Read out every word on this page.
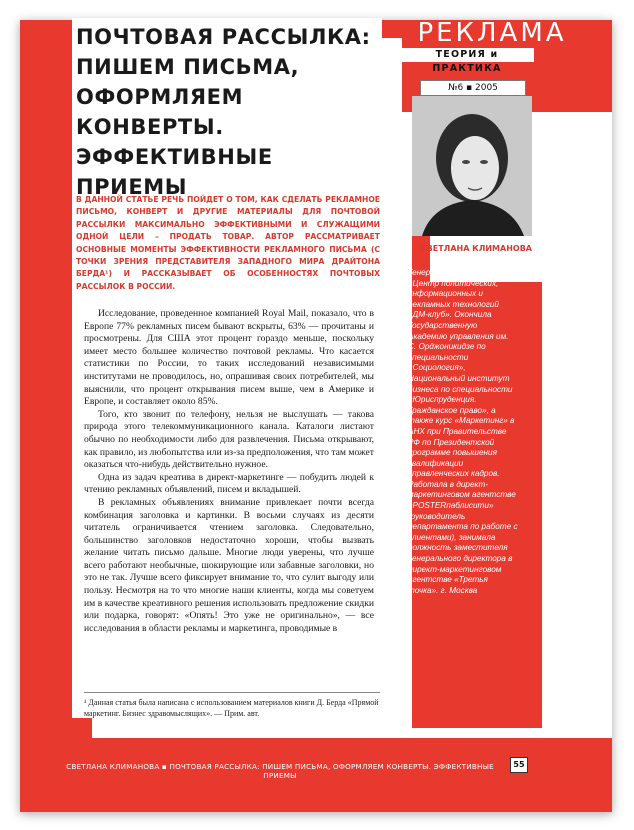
ПОЧТОВАЯ РАССЫЛКА: ПИШЕМ ПИСЬМА, ОФОРМЛЯЕМ КОНВЕРТЫ. ЭФФЕКТИВНЫЕ ПРИЕМЫ

В ДАННОЙ СТАТЬЕ РЕЧЬ ПОЙДЕТ О ТОМ, КАК СДЕЛАТЬ РЕКЛАМНОЕ ПИСЬМО, КОНВЕРТ И ДРУГИЕ МАТЕРИАЛЫ ДЛЯ ПОЧТОВОЙ РАССЫЛКИ МАКСИМАЛЬНО ЭФФЕКТИВНЫМИ И СЛУЖАЩИМИ ОДНОЙ ЦЕЛИ – ПРОДАТЬ ТОВАР. АВТОР РАССМАТРИВАЕТ ОСНОВНЫЕ МОМЕНТЫ ЭФФЕКТИВНОСТИ РЕКЛАМНОГО ПИСЬМА (С ТОЧКИ ЗРЕНИЯ ПРЕДСТАВИТЕЛЯ ЗАПАДНОГО МИРА ДРАЙТОНА БЕРДА¹) И РАССКАЗЫВАЕТ ОБ ОСОБЕННОСТЯХ ПОЧТОВЫХ РАССЫЛОК В РОССИИ.

Исследование, проведенное компанией Royal Mail, показало, что в Европе 77% рекламных писем бывают вскрыты, 63% — прочитаны и просмотрены. Для США этот процент гораздо меньше, поскольку имеет место большее количество почтовой рекламы. Что касается статистики по России, то таких исследований независимыми институтами не проводилось, но, опрашивая своих потребителей, мы выяснили, что процент открывания писем выше, чем в Америке и Европе, и составляет около 85%.

Того, кто звонит по телефону, нельзя не выслушать — такова природа этого телекоммуникационного канала. Каталоги листают обычно по необходимости либо для развлечения. Письма открывают, как правило, из любопытства или из-за предположения, что там может оказаться что-нибудь действительно нужное.

Одна из задач креатива в директ-маркетинге — побудить людей к чтению рекламных объявлений, писем и вкладышей.

В рекламных объявлениях внимание привлекает почти всегда комбинация заголовка и картинки. В восьми случаях из десяти читатель ограничивается чтением заголовка. Следовательно, большинство заголовков недостаточно хороши, чтобы вызвать желание читать письмо дальше. Многие люди уверены, что лучше всего работают необычные, шокирующие или забавные заголовки, но это не так. Лучше всего фиксирует внимание то, что сулит выгоду или пользу. Несмотря на то что многие наши клиенты, когда мы советуем им в качестве креативного решения использовать предложение скидки или подарка, говорят: «Опять! Это уже не оригинально», — все исследования в области рекламы и маркетинга, проводимые в

¹ Данная статья была написана с использованием материалов книги Д. Берда «Прямой маркетинг. Бизнес здравомыслящих». — Прим. авт.

РЕКЛАМА
ТЕОРИЯ и ПРАКТИКА
№6 ▪ 2005

СВЕТЛАНА КЛИМАНОВА

Генеральный директор ЗАО «Центр политических, информационных и рекламных технологий «ДМ-клуб». Окончила Государственную Академию управления им. С. Орджоникидзе по специальности «Социология», Национальный институт бизнеса по специальности «Юриспруденция. Гражданское право», а также курс «Маркетинг» в АНХ при Правительстве РФ по Президентской программе повышения квалификации управленческих кадров. Работала в директ-маркетинговом агентстве «POSTERпаблисити» (руководитель департамента по работе с клиентами), занимала должность заместителя генерального директора в директ-маркетинговом агентстве «Третья точка». г. Москва

СВЕТЛАНА КЛИМАНОВА ▪ ПОЧТОВАЯ РАССЫЛКА: ПИШЕМ ПИСЬМА, ОФОРМЛЯЕМ КОНВЕРТЫ. ЭФФЕКТИВНЫЕ ПРИЕМЫ
55
